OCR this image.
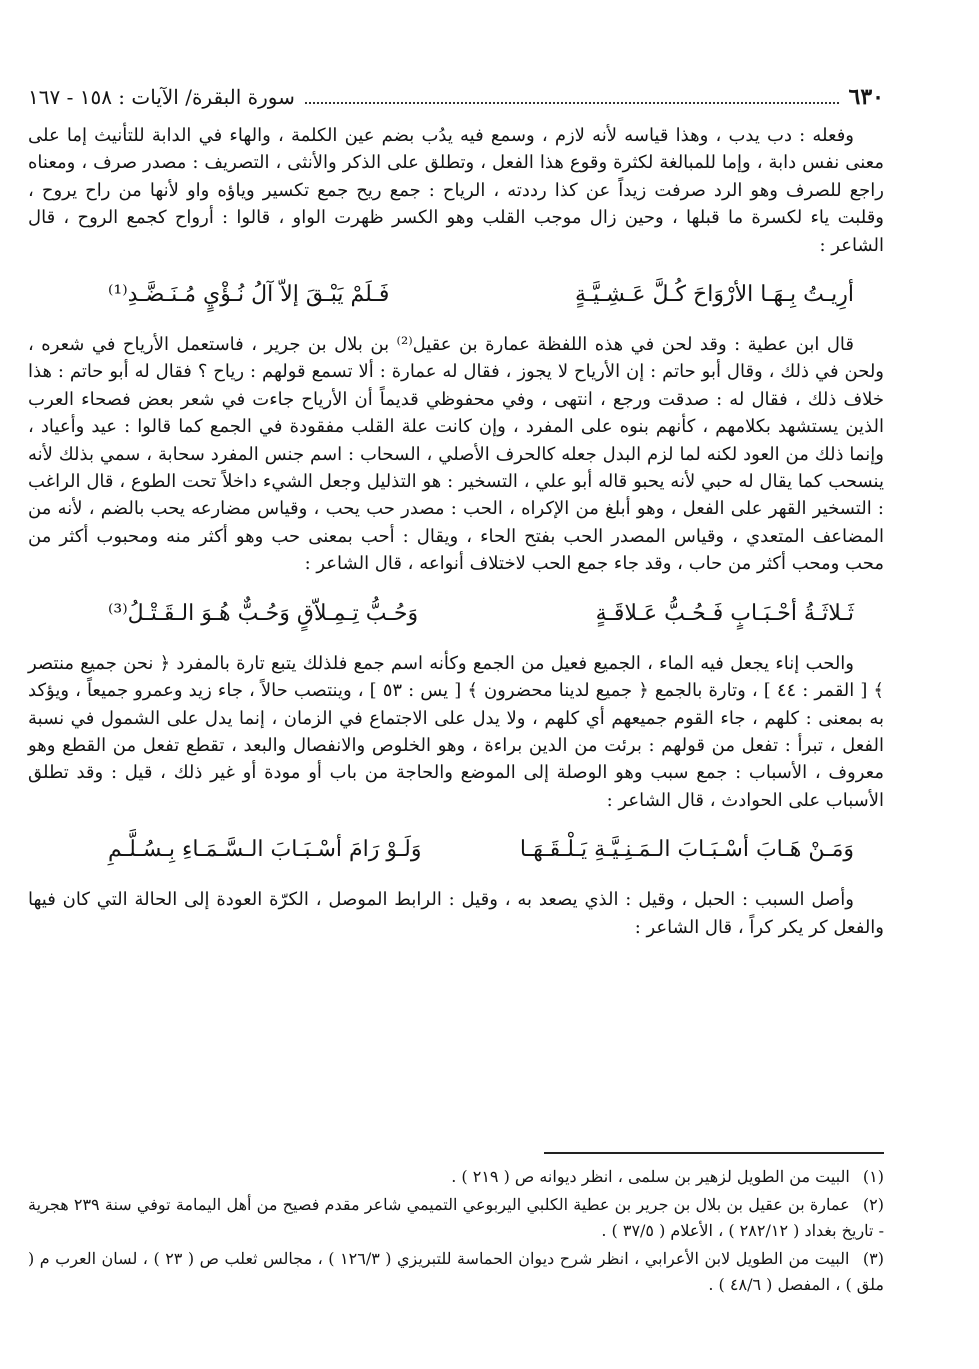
٦٣٠
سورة البقرة/ الآيات : ١٥٨ - ١٦٧

وفعله : دب يدب ، وهذا قياسه لأنه لازم ، وسمع فيه يدُب بضم عين الكلمة ، والهاء في الدابة للتأنيث إما على معنى نفس دابة ، وإما للمبالغة لكثرة وقوع هذا الفعل ، وتطلق على الذكر والأنثى ، التصريف : مصدر صرف ، ومعناه راجع للصرف وهو الرد صرفت زيداً عن كذا رددته ، الرياح : جمع ريح جمع تكسير وياؤه واو لأنها من راح يروح ، وقلبت ياء لكسرة ما قبلها ، وحين زال موجب القلب وهو الكسر ظهرت الواو ، قالوا : أرواح كجمع الروح ، قال الشاعر :

أرِيـتُ بِـهَـا الأرْوَاحَ كُـلَّ عَـشِـيَّـةٍ
فَـلَمْ يَبْـقَ إلاّ آلُ نُـؤْيٍ مُـنَـضَّـدِ⁽¹⁾

قال ابن عطية : وقد لحن في هذه اللفظة عمارة بن عقيل⁽²⁾ بن بلال بن جرير ، فاستعمل الأرياح في شعره ، ولحن في ذلك ، وقال أبو حاتم : إن الأرياح لا يجوز ، فقال له عمارة : ألا تسمع قولهم : رياح ؟ فقال له أبو حاتم : هذا خلاف ذلك ، فقال له : صدقت ورجع ، انتهى ، وفي محفوظي قديماً أن الأرياح جاءت في شعر بعض فصحاء العرب الذين يستشهد بكلامهم ، كأنهم بنوه على المفرد ، وإن كانت علة القلب مفقودة في الجمع كما قالوا : عيد وأعياد ، وإنما ذلك من العود لكنه لما لزم البدل جعله كالحرف الأصلي ، السحاب : اسم جنس المفرد سحابة ، سمي بذلك لأنه ينسحب كما يقال له حبي لأنه يحبو قاله أبو علي ، التسخير : هو التذليل وجعل الشيء داخلاً تحت الطوع ، قال الراغب : التسخير القهر على الفعل ، وهو أبلغ من الإكراه ، الحب : مصدر حب يحب ، وقياس مضارعه يحب بالضم ، لأنه من المضاعف المتعدي ، وقياس المصدر الحب بفتح الحاء ، ويقال : أحب بمعنى حب وهو أكثر منه ومحبوب أكثر من محب ومحب أكثر من حاب ، وقد جاء جمع الحب لاختلاف أنواعه ، قال الشاعر :

ثَـلاثَـةُ أحْـبَـابٍ فَـحُـبُّ عَـلاقَـةٍ
وَحُـبُّ تِـمِـلاّقٍ وَحُـبٌّ هُـوَ الـقَـتْـلُ⁽³⁾

والحب إناء يجعل فيه الماء ، الجميع فعيل من الجمع وكأنه اسم جمع فلذلك يتبع تارة بالمفرد ﴿ نحن جميع منتصر ﴾ [ القمر : ٤٤ ] ، وتارة بالجمع ﴿ جميع لدينا محضرون ﴾ [ يس : ٥٣ ] ، وينتصب حالاً ، جاء زيد وعمرو جميعاً ، ويؤكد به بمعنى : كلهم ، جاء القوم جميعهم أي كلهم ، ولا يدل على الاجتماع في الزمان ، إنما يدل على الشمول في نسبة الفعل ، تبرأ : تفعل من قولهم : برئت من الدين براءة ، وهو الخلوص والانفصال والبعد ، تقطع تفعل من القطع وهو معروف ، الأسباب : جمع سبب وهو الوصلة إلى الموضع والحاجة من باب أو مودة أو غير ذلك ، قيل : وقد تطلق الأسباب على الحوادث ، قال الشاعر :

وَمَـنْ هَـابَ أسْـبَـابَ الـمَـنِـيَّـةِ يَـلْـقَـهَـا
وَلَـوْ رَامَ أسْـبَـابَ الـسَّـمَـاءِ بِـسُـلَّـمِ

وأصل السبب : الحبل ، وقيل : الذي يصعد به ، وقيل : الرابط الموصل ، الكرّة العودة إلى الحالة التي كان فيها والفعل كر يكر كراً ، قال الشاعر :

(١) البيت من الطويل لزهير بن سلمى ، انظر ديوانه ص ( ٢١٩ ) .

(٢) عمارة بن عقيل بن بلال بن جرير بن عطية الكلبي اليربوعي التميمي شاعر مقدم فصيح من أهل اليمامة توفي سنة ٢٣٩ هجرية - تاريخ بغداد ( ٢٨٢/١٢ ) ، الأعلام ( ٣٧/٥ ) .

(٣) البيت من الطويل لابن الأعرابي ، انظر شرح ديوان الحماسة للتبريزي ( ١٢٦/٣ ) ، مجالس ثعلب ص ( ٢٣ ) ، لسان العرب م ( ملق ) ، المفصل ( ٤٨/٦ ) .
